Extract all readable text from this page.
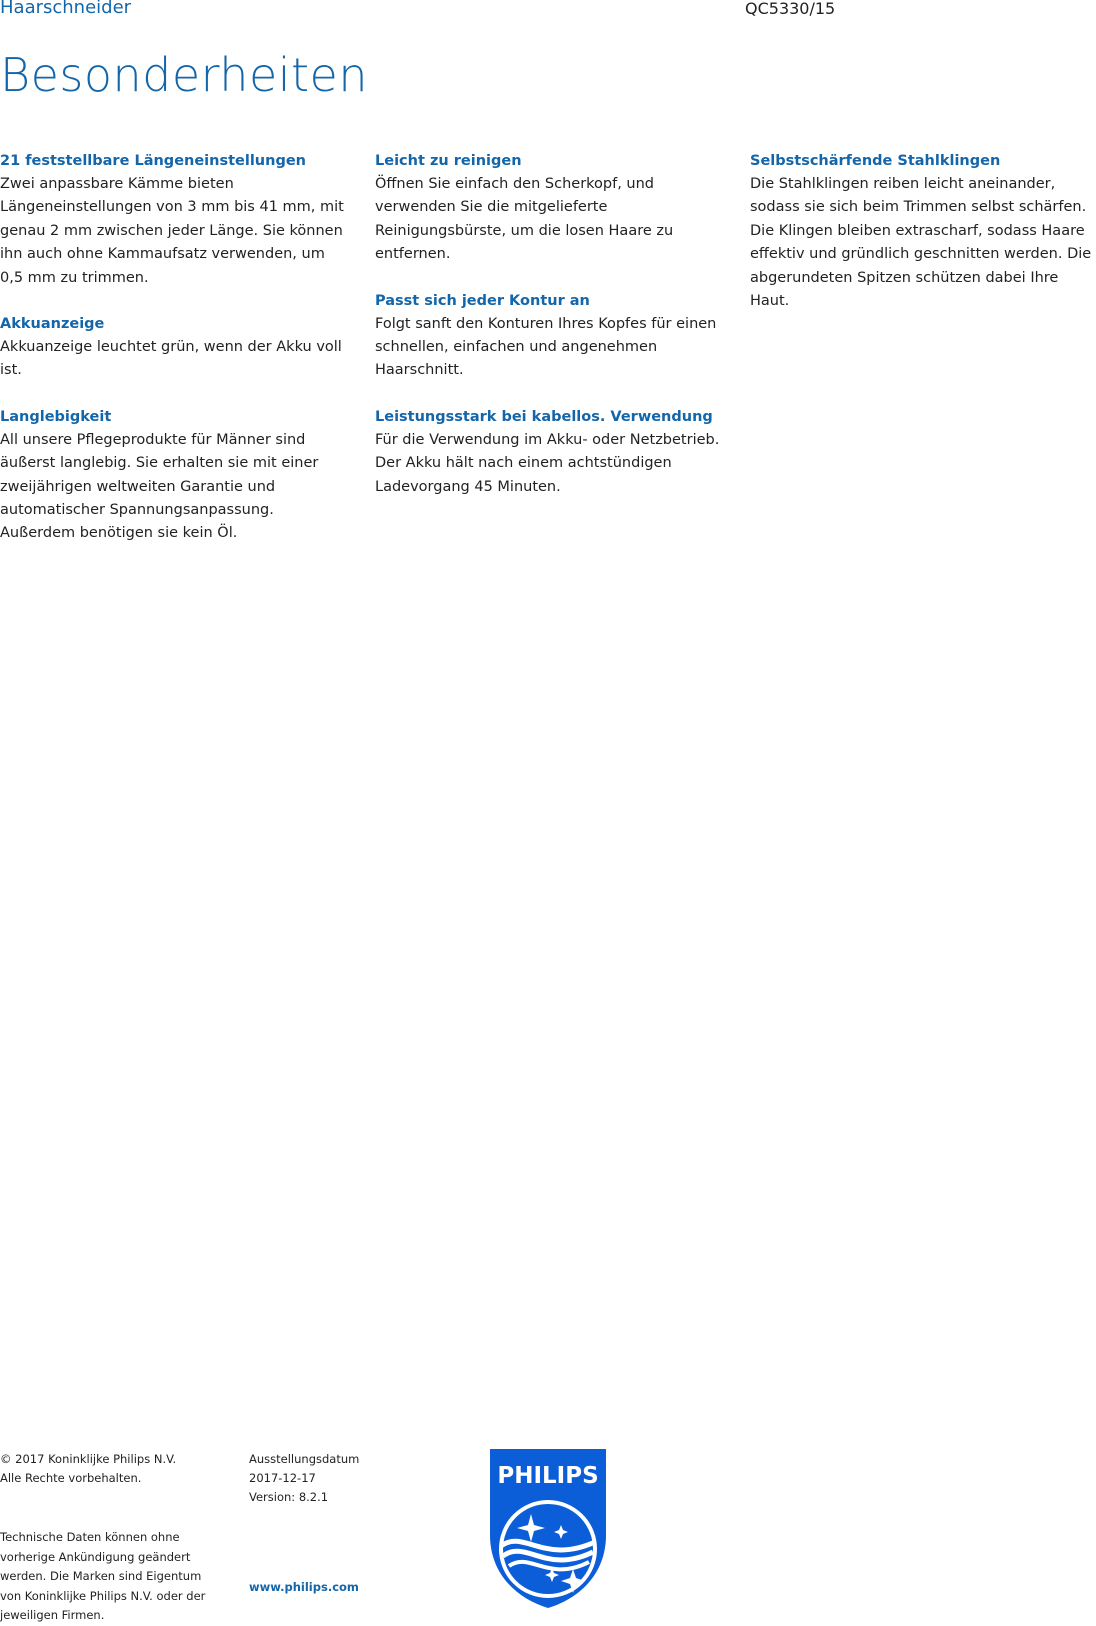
Haarschneider	QC5330/15
Besonderheiten
21 feststellbare Längeneinstellungen
Zwei anpassbare Kämme bieten Längeneinstellungen von 3 mm bis 41 mm, mit genau 2 mm zwischen jeder Länge. Sie können ihn auch ohne Kammaufsatz verwenden, um 0,5 mm zu trimmen.
Akkuanzeige
Akkuanzeige leuchtet grün, wenn der Akku voll ist.
Langlebigkeit
All unsere Pflegeprodukte für Männer sind äußerst langlebig. Sie erhalten sie mit einer zweijährigen weltweiten Garantie und automatischer Spannungsanpassung. Außerdem benötigen sie kein Öl.
Leicht zu reinigen
Öffnen Sie einfach den Scherkopf, und verwenden Sie die mitgelieferte Reinigungsbürste, um die losen Haare zu entfernen.
Passt sich jeder Kontur an
Folgt sanft den Konturen Ihres Kopfes für einen schnellen, einfachen und angenehmen Haarschnitt.
Leistungsstark bei kabellos. Verwendung
Für die Verwendung im Akku- oder Netzbetrieb. Der Akku hält nach einem achtstündigen Ladevorgang 45 Minuten.
Selbstschärfende Stahlklingen
Die Stahlklingen reiben leicht aneinander, sodass sie sich beim Trimmen selbst schärfen. Die Klingen bleiben extrascharf, sodass Haare effektiv und gründlich geschnitten werden. Die abgerundeten Spitzen schützen dabei Ihre Haut.
© 2017 Koninklijke Philips N.V.
Alle Rechte vorbehalten.
Ausstellungsdatum
2017-12-17
Version: 8.2.1
Technische Daten können ohne vorherige Ankündigung geändert werden. Die Marken sind Eigentum von Koninklijke Philips N.V. oder der jeweiligen Firmen.
www.philips.com
PHILIPS
